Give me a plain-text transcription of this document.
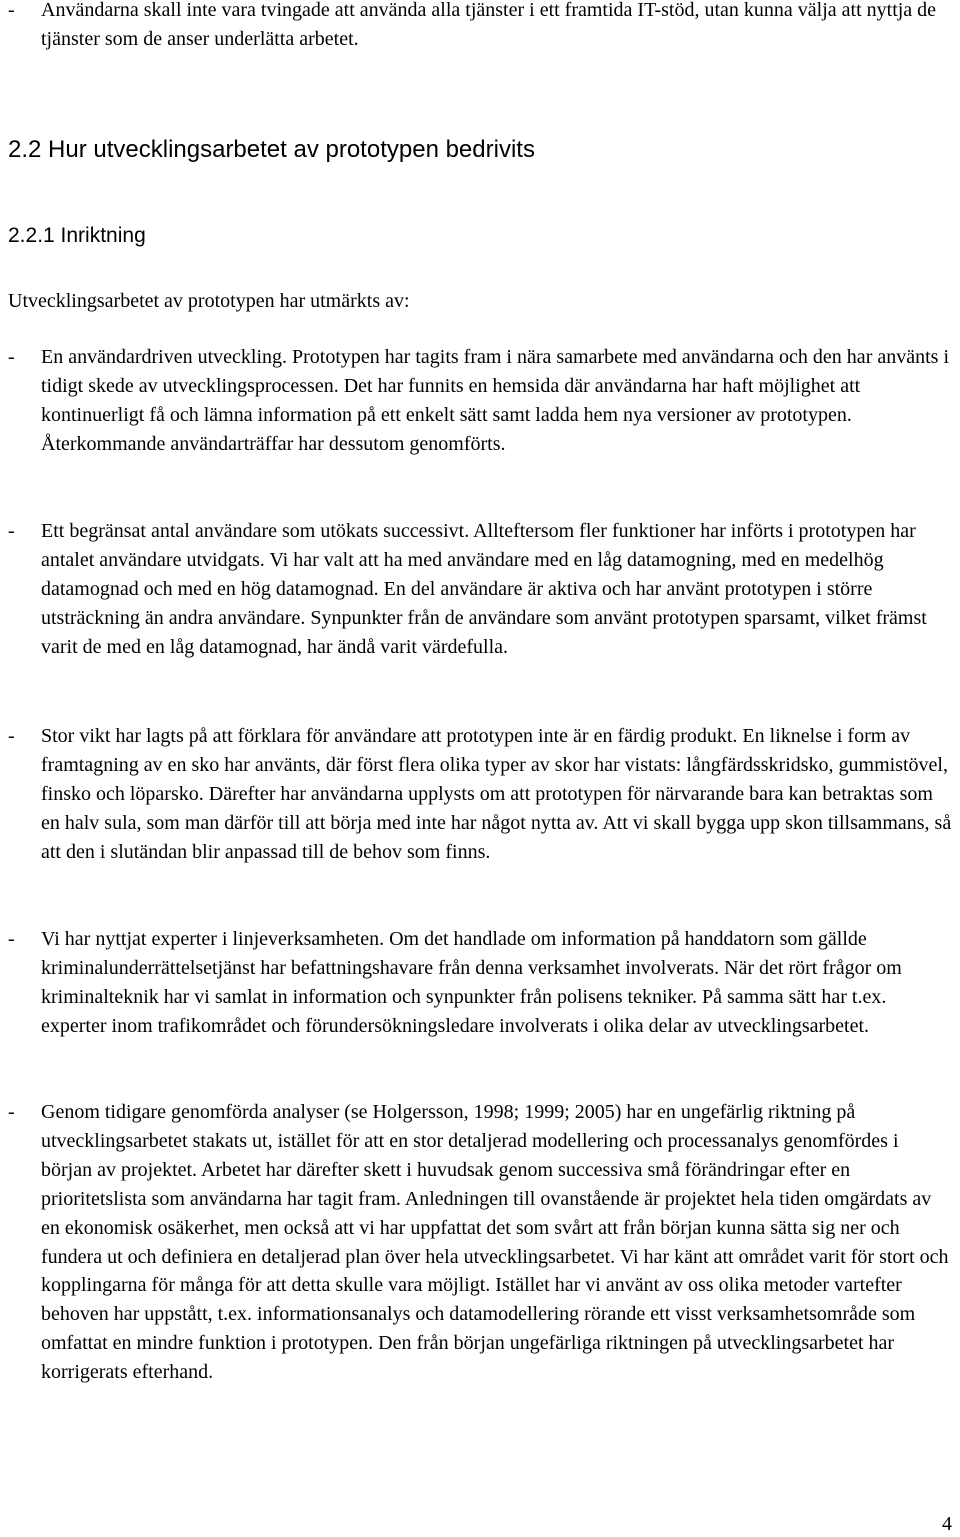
- Användarna skall inte vara tvingade att använda alla tjänster i ett framtida IT-stöd, utan kunna välja att nyttja de tjänster som de anser underlätta arbetet.
2.2 Hur utvecklingsarbetet av prototypen bedrivits
2.2.1 Inriktning
Utvecklingsarbetet av prototypen har utmärkts av:
- En användardriven utveckling. Prototypen har tagits fram i nära samarbete med användarna och den har använts i tidigt skede av utvecklingsprocessen. Det har funnits en hemsida där användarna har haft möjlighet att kontinuerligt få och lämna information på ett enkelt sätt samt ladda hem nya versioner av prototypen. Återkommande användarträffar har dessutom genomförts.
- Ett begränsat antal användare som utökats successivt. Allteftersom fler funktioner har införts i prototypen har antalet användare utvidgats. Vi har valt att ha med användare med en låg datamogning, med en medelhög datamognad och med en hög datamognad. En del användare är aktiva och har använt prototypen i större utsträckning än andra användare. Synpunkter från de användare som använt prototypen sparsamt, vilket främst varit de med en låg datamognad, har ändå varit värdefulla.
- Stor vikt har lagts på att förklara för användare att prototypen inte är en färdig produkt. En liknelse i form av framtagning av en sko har använts, där först flera olika typer av skor har vistats: långfärdsskridsko, gummistövel, finsko och löparsko. Därefter har användarna upplysts om att prototypen för närvarande bara kan betraktas som en halv sula, som man därför till att börja med inte har något nytta av. Att vi skall bygga upp skon tillsammans, så att den i slutändan blir anpassad till de behov som finns.
- Vi har nyttjat experter i linjeverksamheten. Om det handlade om information på handdatorn som gällde kriminalunderrättelsetjänst har befattningshavare från denna verksamhet involverats. När det rört frågor om kriminalteknik har vi samlat in information och synpunkter från polisens tekniker. På samma sätt har t.ex. experter inom trafikområdet och förundersökningsledare involverats i olika delar av utvecklingsarbetet.
- Genom tidigare genomförda analyser (se Holgersson, 1998; 1999; 2005) har en ungefärlig riktning på utvecklingsarbetet stakats ut, istället för att en stor detaljerad modellering och processanalys genomfördes i början av projektet. Arbetet har därefter skett i huvudsak genom successiva små förändringar efter en prioritetslista som användarna har tagit fram. Anledningen till ovanstående är projektet hela tiden omgärdats av en ekonomisk osäkerhet, men också att vi har uppfattat det som svårt att från början kunna sätta sig ner och fundera ut och definiera en detaljerad plan över hela utvecklingsarbetet. Vi har känt att området varit för stort och kopplingarna för många för att detta skulle vara möjligt. Istället har vi använt av oss olika metoder vartefter behoven har uppstått, t.ex. informationsanalys och datamodellering rörande ett visst verksamhetsområde som omfattat en mindre funktion i prototypen. Den från början ungefärliga riktningen på utvecklingsarbetet har korrigerats efterhand.
4
